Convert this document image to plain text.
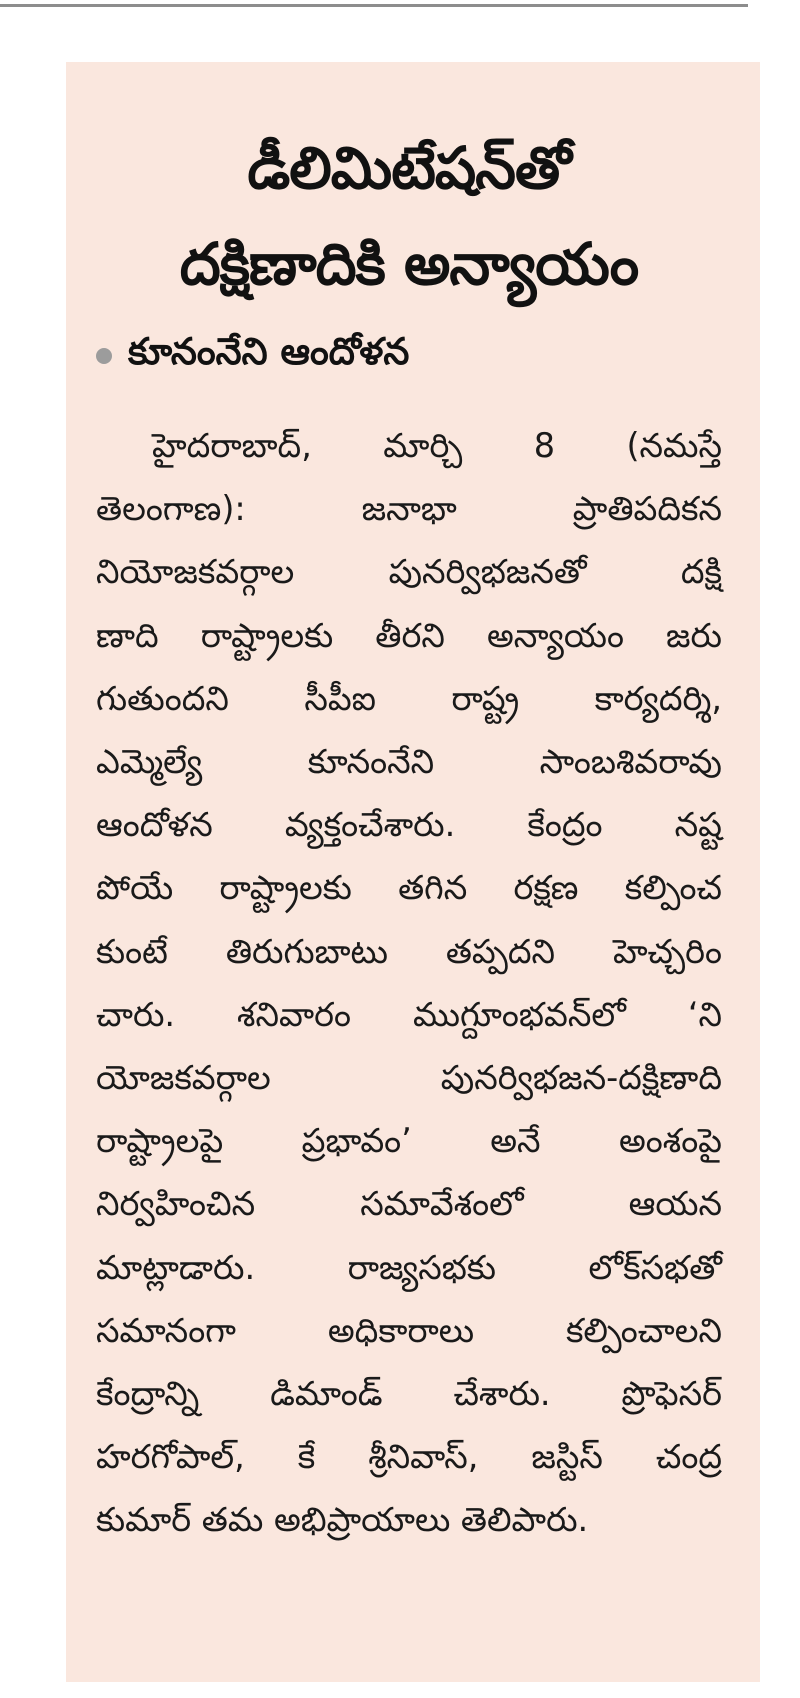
డీలిమిటేషన్‌తో
దక్షిణాదికి అన్యాయం
కూనంనేని ఆందోళన
హైదరాబాద్, మార్చి 8 (నమస్తే
తెలంగాణ): జనాభా ప్రాతిపదికన
నియోజకవర్గాల పునర్విభజనతో దక్షి
ణాది రాష్ట్రాలకు తీరని అన్యాయం జరు
గుతుందని సీపీఐ రాష్ట్ర కార్యదర్శి,
ఎమ్మెల్యే కూనంనేని సాంబశివరావు
ఆందోళన వ్యక్తంచేశారు. కేంద్రం నష్ట
పోయే రాష్ట్రాలకు తగిన రక్షణ కల్పించ
కుంటే తిరుగుబాటు తప్పదని హెచ్చరిం
చారు. శనివారం ముగ్దూంభవన్‌లో ‘ని
యోజకవర్గాల పునర్విభజన-దక్షిణాది
రాష్ట్రాలపై ప్రభావం’ అనే అంశంపై
నిర్వహించిన సమావేశంలో ఆయన
మాట్లాడారు. రాజ్యసభకు లోక్‌సభతో
సమానంగా అధికారాలు కల్పించాలని
కేంద్రాన్ని డిమాండ్ చేశారు. ప్రొఫెసర్
హరగోపాల్, కే శ్రీనివాస్, జస్టిస్ చంద్ర
కుమార్ తమ అభిప్రాయాలు తెలిపారు.
